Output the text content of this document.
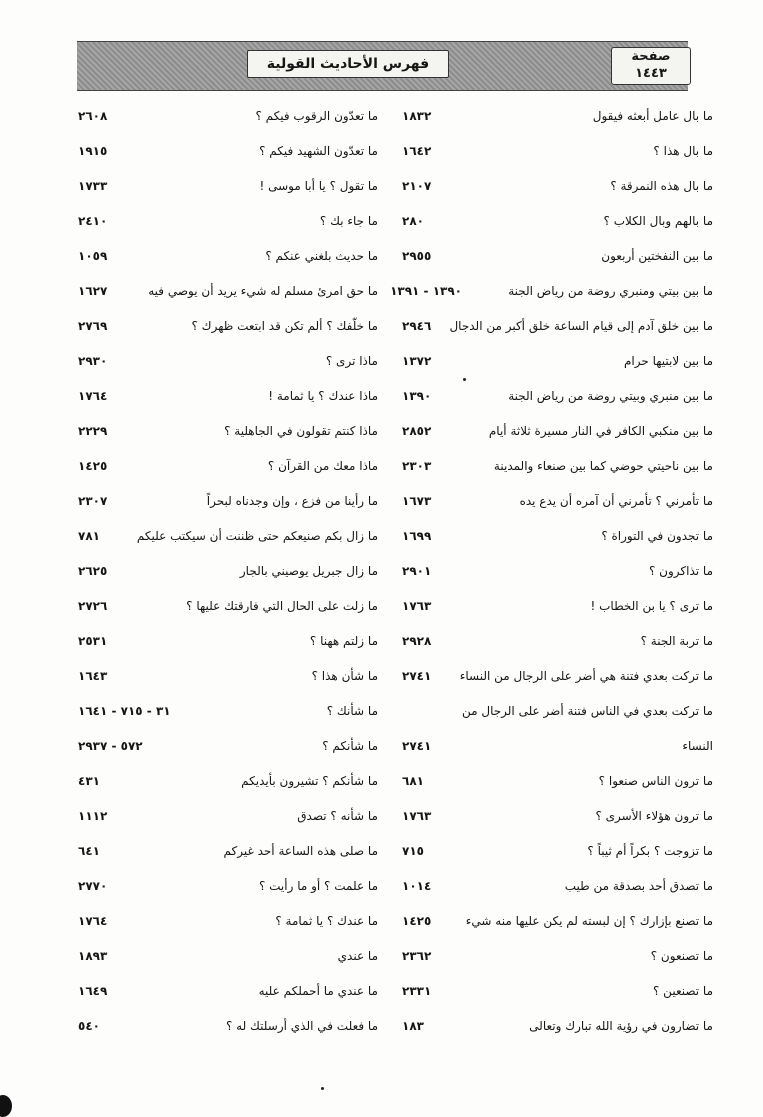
صفحة
١٤٤٣
فهرس الأحاديث القولية
ما بال عامل أبعثه فيقول
١٨٣٢
ما تعدّون الرقوب فيكم ؟
٢٦٠٨
ما بال هذا ؟
١٦٤٢
ما تعدّون الشهيد فيكم ؟
١٩١٥
ما بال هذه النمرقة ؟
٢١٠٧
ما تقول ؟ يا أبا موسى !
١٧٣٣
ما بالهم وبال الكلاب ؟
٢٨٠
ما جاء بك ؟
٢٤١٠
ما بين النفختين أربعون
٢٩٥٥
ما حديث بلغني عنكم ؟
١٠٥٩
ما بين بيتي ومنبري روضة من رياض الجنة
١٣٩٠ - ١٣٩١
ما حق امرئ مسلم له شيء يريد أن يوصي فيه
١٦٢٧
ما بين خلق آدم إلى قيام الساعة خلق أكبر من الدجال
٢٩٤٦
ما خلّفك ؟ ألم تكن قد ابتعت ظهرك ؟
٢٧٦٩
ما بين لابتيها حرام
١٣٧٢
ماذا ترى ؟
٢٩٣٠
ما بين منبري وبيتي روضة من رياض الجنة
١٣٩٠
ماذا عندك ؟ يا ثمامة !
١٧٦٤
ما بين منكبي الكافر في النار مسيرة ثلاثة أيام
٢٨٥٢
ماذا كنتم تقولون في الجاهلية ؟
٢٢٢٩
ما بين ناحيتي حوضي كما بين صنعاء والمدينة
٢٣٠٣
ماذا معك من القرآن ؟
١٤٢٥
ما تأمرني ؟ تأمرني أن آمره أن يدع يده
١٦٧٣
ما رأينا من فزع ، وإن وجدناه لبحراً
٢٣٠٧
ما تجدون في التوراة ؟
١٦٩٩
ما زال بكم صنيعكم حتى ظننت أن سيكتب عليكم
٧٨١
ما تذاكرون ؟
٢٩٠١
ما زال جبريل يوصيني بالجار
٢٦٢٥
ما ترى ؟ يا بن الخطاب !
١٧٦٣
ما زلت على الحال التي فارقتك عليها ؟
٢٧٢٦
ما تربة الجنة ؟
٢٩٢٨
ما زلتم ههنا ؟
٢٥٣١
ما تركت بعدي فتنة هي أضر على الرجال من النساء
٢٧٤١
ما شأن هذا ؟
١٦٤٣
ما تركت بعدي في الناس فتنة أضر على الرجال من
ما شأنك ؟
٣١ - ٧١٥ - ١٦٤١
النساء
٢٧٤١
ما شأنكم ؟
٥٧٢ - ٢٩٣٧
ما ترون الناس صنعوا ؟
٦٨١
ما شأنكم ؟ تشيرون بأيديكم
٤٣١
ما ترون هؤلاء الأسرى ؟
١٧٦٣
ما شأنه ؟ تصدق
١١١٢
ما تزوجت ؟ بكراً أم ثيباً ؟
٧١٥
ما صلى هذه الساعة أحد غيركم
٦٤١
ما تصدق أحد بصدقة من طيب
١٠١٤
ما علمت ؟ أو ما رأيت ؟
٢٧٧٠
ما تصنع بإزارك ؟ إن لبسته لم يكن عليها منه شيء
١٤٢٥
ما عندك ؟ يا ثمامة ؟
١٧٦٤
ما تصنعون ؟
٢٣٦٢
ما عندي
١٨٩٣
ما تصنعين ؟
٢٣٣١
ما عندي ما أحملكم عليه
١٦٤٩
ما تضارون في رؤية الله تبارك وتعالى
١٨٣
ما فعلت في الذي أرسلتك له ؟
٥٤٠
